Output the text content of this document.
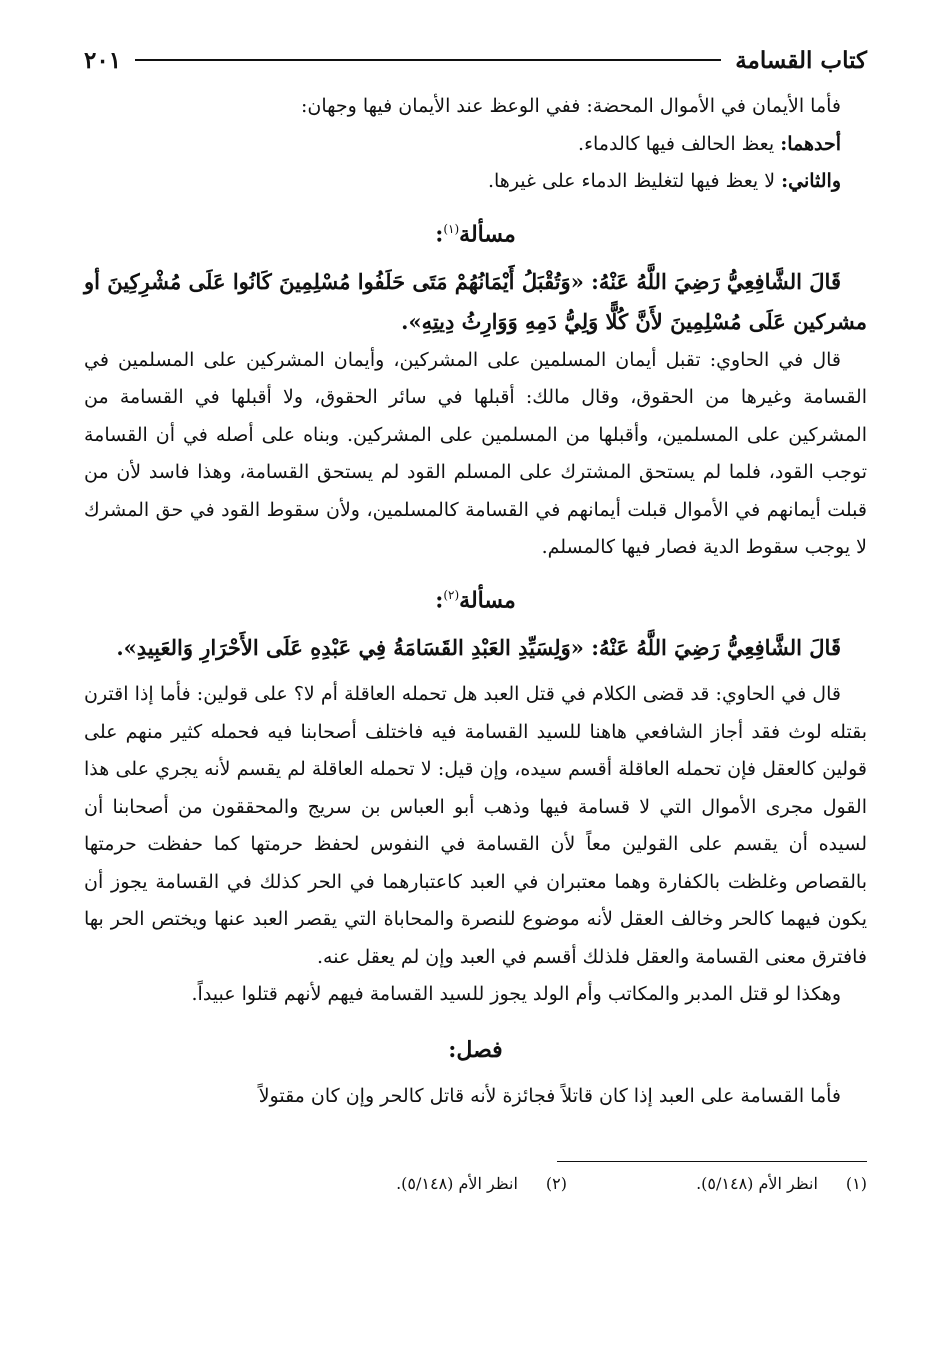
كتاب القسامة
٢٠١

فأما الأيمان في الأموال المحضة: ففي الوعظ عند الأيمان فيها وجهان:

أحدهما: يعظ الحالف فيها كالدماء.

والثاني: لا يعظ فيها لتغليظ الدماء على غيرها.

مسألة$^{(١)}$:

قَالَ الشَّافِعِيُّ رَضِيَ اللَّهُ عَنْهُ: «وَتُقْبَلُ أَيْمَانُهُمْ مَتَى حَلَفُوا مُسْلِمِينَ كَانُوا عَلَى مُشْرِكِينَ أو مشركين عَلَى مُسْلِمِينَ لأَنَّ كُلًّا وَلِيُّ دَمِهِ وَوَارِثُ دِيتِهِ».

قال في الحاوي: تقبل أيمان المسلمين على المشركين، وأيمان المشركين على المسلمين في القسامة وغيرها من الحقوق، وقال مالك: أقبلها في سائر الحقوق، ولا أقبلها في القسامة من المشركين على المسلمين، وأقبلها من المسلمين على المشركين. وبناه على أصله في أن القسامة توجب القود، فلما لم يستحق المشترك على المسلم القود لم يستحق القسامة، وهذا فاسد لأن من قبلت أيمانهم في الأموال قبلت أيمانهم في القسامة كالمسلمين، ولأن سقوط القود في حق المشرك لا يوجب سقوط الدية فصار فيها كالمسلم.

مسألة$^{(٢)}$:

قَالَ الشَّافِعِيُّ رَضِيَ اللَّهُ عَنْهُ: «وَلِسَيِّدِ العَبْدِ القَسَامَةُ فِي عَبْدِهِ عَلَى الأَحْرَارِ وَالعَبِيدِ».

قال في الحاوي: قد قضى الكلام في قتل العبد هل تحمله العاقلة أم لا؟ على قولين: فأما إذا اقترن بقتله لوث فقد أجاز الشافعي هاهنا للسيد القسامة فيه فاختلف أصحابنا فيه فحمله كثير منهم على قولين كالعقل فإن تحمله العاقلة أقسم سيده، وإن قيل: لا تحمله العاقلة لم يقسم لأنه يجري على هذا القول مجرى الأموال التي لا قسامة فيها وذهب أبو العباس بن سريج والمحققون من أصحابنا أن لسيده أن يقسم على القولين معاً لأن القسامة في النفوس لحفظ حرمتها كما حفظت حرمتها بالقصاص وغلظت بالكفارة وهما معتبران في العبد كاعتبارهما في الحر كذلك في القسامة يجوز أن يكون فيهما كالحر وخالف العقل لأنه موضوع للنصرة والمحاباة التي يقصر العبد عنها ويختص الحر بها فافترق معنى القسامة والعقل فلذلك أقسم في العبد وإن لم يعقل عنه.

وهكذا لو قتل المدبر والمكاتب وأم الولد يجوز للسيد القسامة فيهم لأنهم قتلوا عبيداً.

فصل:

فأما القسامة على العبد إذا كان قاتلاً فجائزة لأنه قاتل كالحر وإن كان مقتولاً

(١)انظر الأم (٥/١٤٨).
(٢)انظر الأم (٥/١٤٨).
